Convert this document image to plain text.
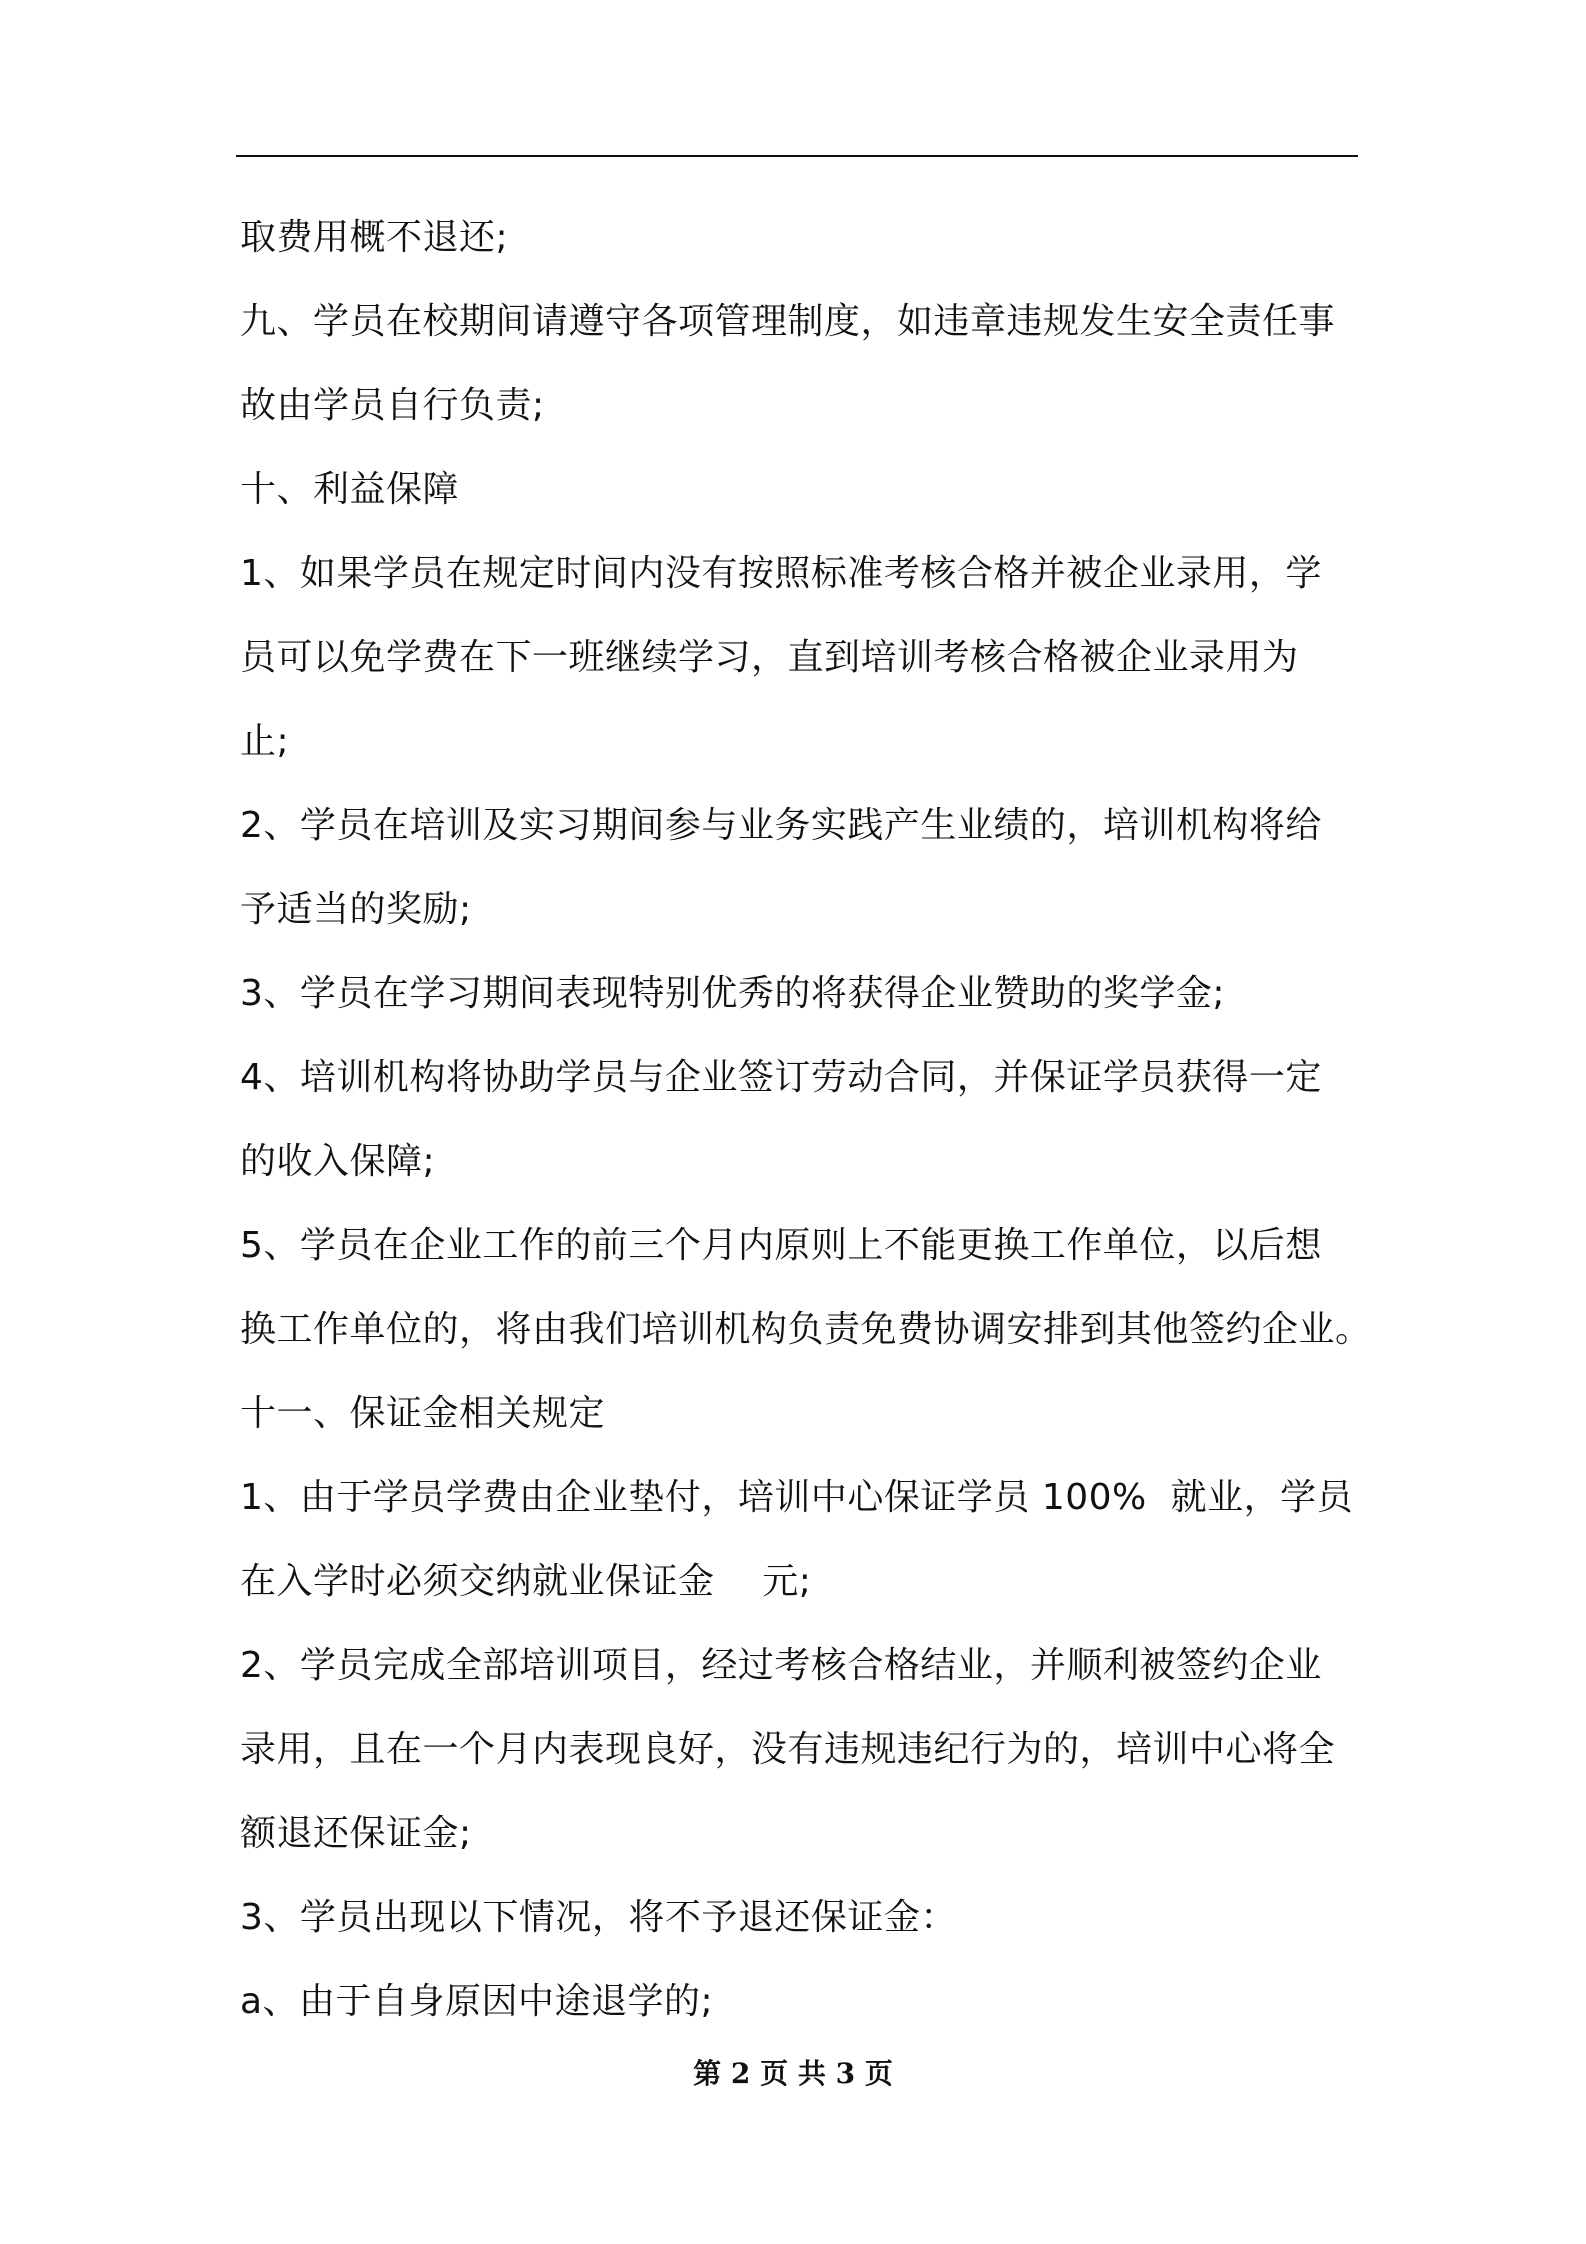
取费用概不退还;
九、学员在校期间请遵守各项管理制度，如违章违规发生安全责任事
故由学员自行负责;
十、利益保障
1、如果学员在规定时间内没有按照标准考核合格并被企业录用，学
员可以免学费在下一班继续学习，直到培训考核合格被企业录用为
止;
2、学员在培训及实习期间参与业务实践产生业绩的，培训机构将给
予适当的奖励;
3、学员在学习期间表现特别优秀的将获得企业赞助的奖学金;
4、培训机构将协助学员与企业签订劳动合同，并保证学员获得一定
的收入保障;
5、学员在企业工作的前三个月内原则上不能更换工作单位，以后想
换工作单位的，将由我们培训机构负责免费协调安排到其他签约企业。
十一、保证金相关规定
1、由于学员学费由企业垫付，培训中心保证学员 100%  就业，学员
在入学时必须交纳就业保证金    元;
2、学员完成全部培训项目，经过考核合格结业，并顺利被签约企业
录用，且在一个月内表现良好，没有违规违纪行为的，培训中心将全
额退还保证金;
3、学员出现以下情况，将不予退还保证金：
a、由于自身原因中途退学的;
第 2 页 共 3 页
